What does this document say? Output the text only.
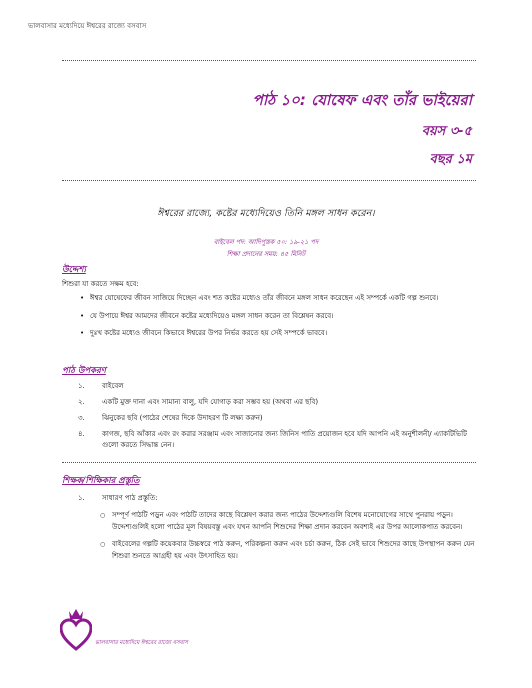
ভালবাসার মধ্যেদিয়ে ঈশ্বরের রাজ্যে বসবাস
পাঠ ১০: যোষেফ এবং তাঁর ভাইয়েরা
বয়স ৩-৫
বছর ১ম
ঈশ্বরের রাজ্যে, কষ্টের মধ্যেদিয়েও তিনি মঙ্গল সাধন করেন।
বাইবেল পদ: আদিপুস্তক ৫০: ১৯-২১ পদ
শিক্ষা প্রদানের সময়: ৪৫ মিনিট
উদ্দেশ্য
শিশুরা যা করতে সক্ষম হবে:
• ঈশ্বর যোষেফের জীবন সাজিয়ে দিচ্ছেন এবং শত কষ্টের মধ্যেও তাঁর জীবনে মঙ্গল সাধন করেছেন এই সম্পর্কে একটি গল্প শুনবে।
• যে উপায়ে ঈশ্বর আমদের জীবনে কষ্টের মধ্যেদিয়েও মঙ্গল সাধন করেন তা বিশ্লেষন করবে।
• দুঃখ কষ্টের মধ্যেও জীবনে কিভাবে ঈশ্বরের উপর নির্ভর করতে হয় সেই সম্পর্কে ভাববে।
পাঠ উপকরণ
১. বাইবেল
২. একটি মুক্ত দানা এবং সামান্য বালু, যদি যোগাড় করা সম্ভব হয় (অথবা এর ছবি)
৩. ঝিনুকের ছবি (পাঠের শেষের দিকে উদাহরণ টি লক্ষ্য করুন)
৪. কাগজ, ছবি আঁকার এবং রং করার সরঞ্জাম এবং সাজানোর জন্য জিনিস পাতি প্রয়োজন হবে যদি আপনি এই অনুশীলনী/ এ্যাকটিভিটি গুলো করতে সিদ্ধান্ত নেন।
শিক্ষক/শিক্ষিকার প্রস্তুতি
১. সাধারণ পাঠ প্রস্তুতি:
○ সম্পূর্ণ পাঠটি পড়ুন এবং পাঠটি তাদের কাছে বিশ্লেষণ করার জন্য পাঠের উদ্দেশ্যগুলি বিশেষ মনোযোগের সাথে পুনরায় পড়ুন। উদ্দেশ্যগুলিই হলো পাঠের মূল বিষয়বস্তু এবং যখন আপনি শিশুদের শিক্ষা প্রদান করবেন অবশ্যই এর উপর আলোকপাত করবেন।
○ বাইবেলের গল্পটি কয়েকবার উচ্চস্বরে পাঠ করুন, পরিকল্পনা করুন এবং চর্চা করুন, ঠিক সেই ভাবে শিশুদের কাছে উপস্থাপন করুন যেন শিশুরা শুনতে আগ্রহী হয় এবং উৎসাহিত হয়।
ভালবাসার মধ্যেদিয়ে ঈশ্বরের রাজ্যে বসবাস
